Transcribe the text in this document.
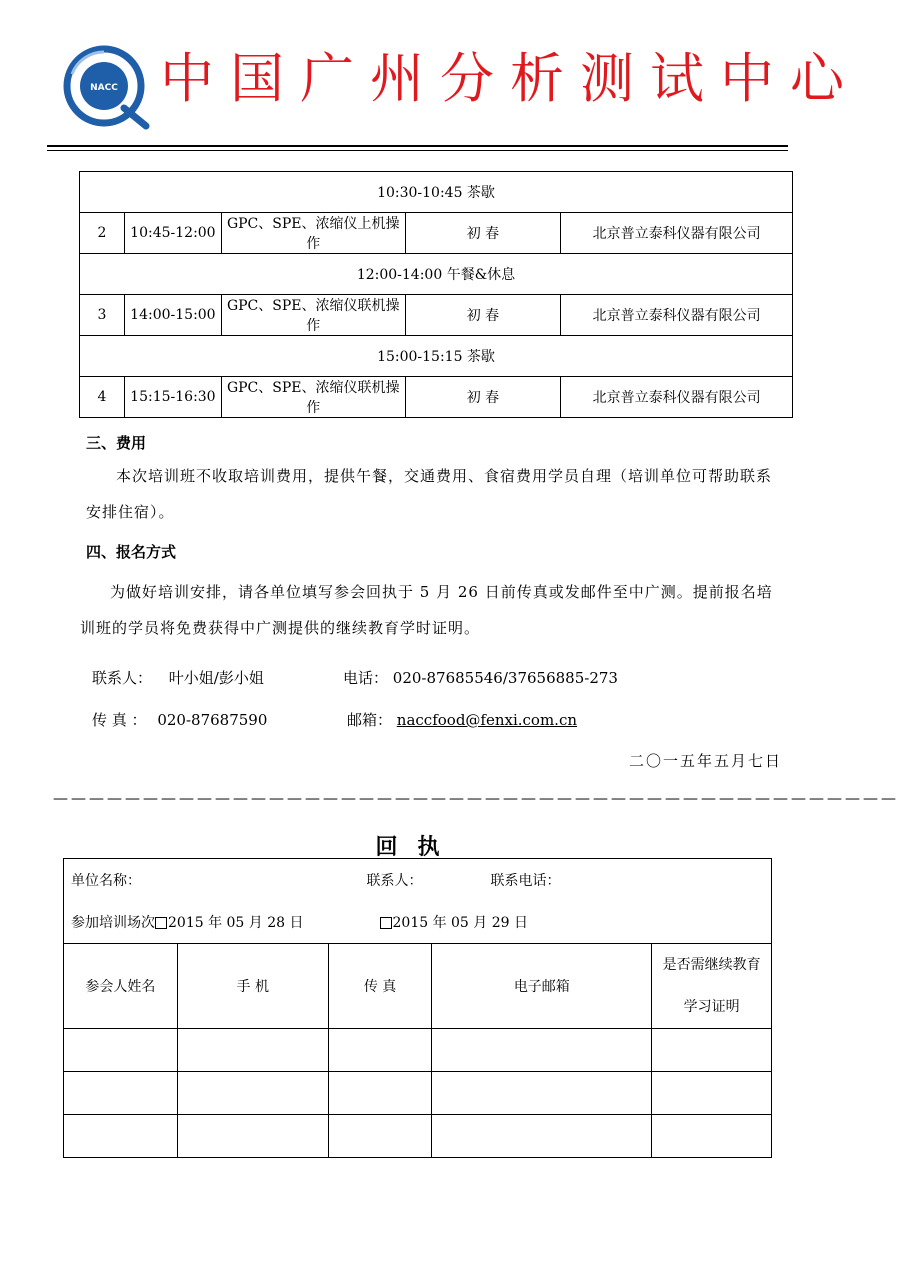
NACC 中国广州分析测试中心
10:30-10:45 茶歇				
2	10:45-12:00	GPC、SPE、浓缩仪上机操作	初 春	北京普立泰科仪器有限公司
12:00-14:00 午餐&休息				
3	14:00-15:00	GPC、SPE、浓缩仪联机操作	初 春	北京普立泰科仪器有限公司
15:00-15:15 茶歇				
4	15:15-16:30	GPC、SPE、浓缩仪联机操作	初 春	北京普立泰科仪器有限公司
三、费用
本次培训班不收取培训费用，提供午餐，交通费用、食宿费用学员自理（培训单位可帮助联系安排住宿）。
四、报名方式
为做好培训安排，请各单位填写参会回执于 5 月 26 日前传真或发邮件至中广测。提前报名培训班的学员将免费获得中广测提供的继续教育学时证明。
联系人： 叶小姐/彭小姐	电话： 020-87685546/37656885-273
传 真 ： 020-87687590	邮箱： naccfood@fenxi.com.cn
二〇一五年五月七日
———————————————————————————————————————————————
回执
单位名称： 联系人： 联系电话：				

参加培训场次 2015 年 05 月 28 日 2015 年 05 月 29 日				

参会人姓名	手 机	传 真	电子邮箱	是否需继续教育
学习证明
